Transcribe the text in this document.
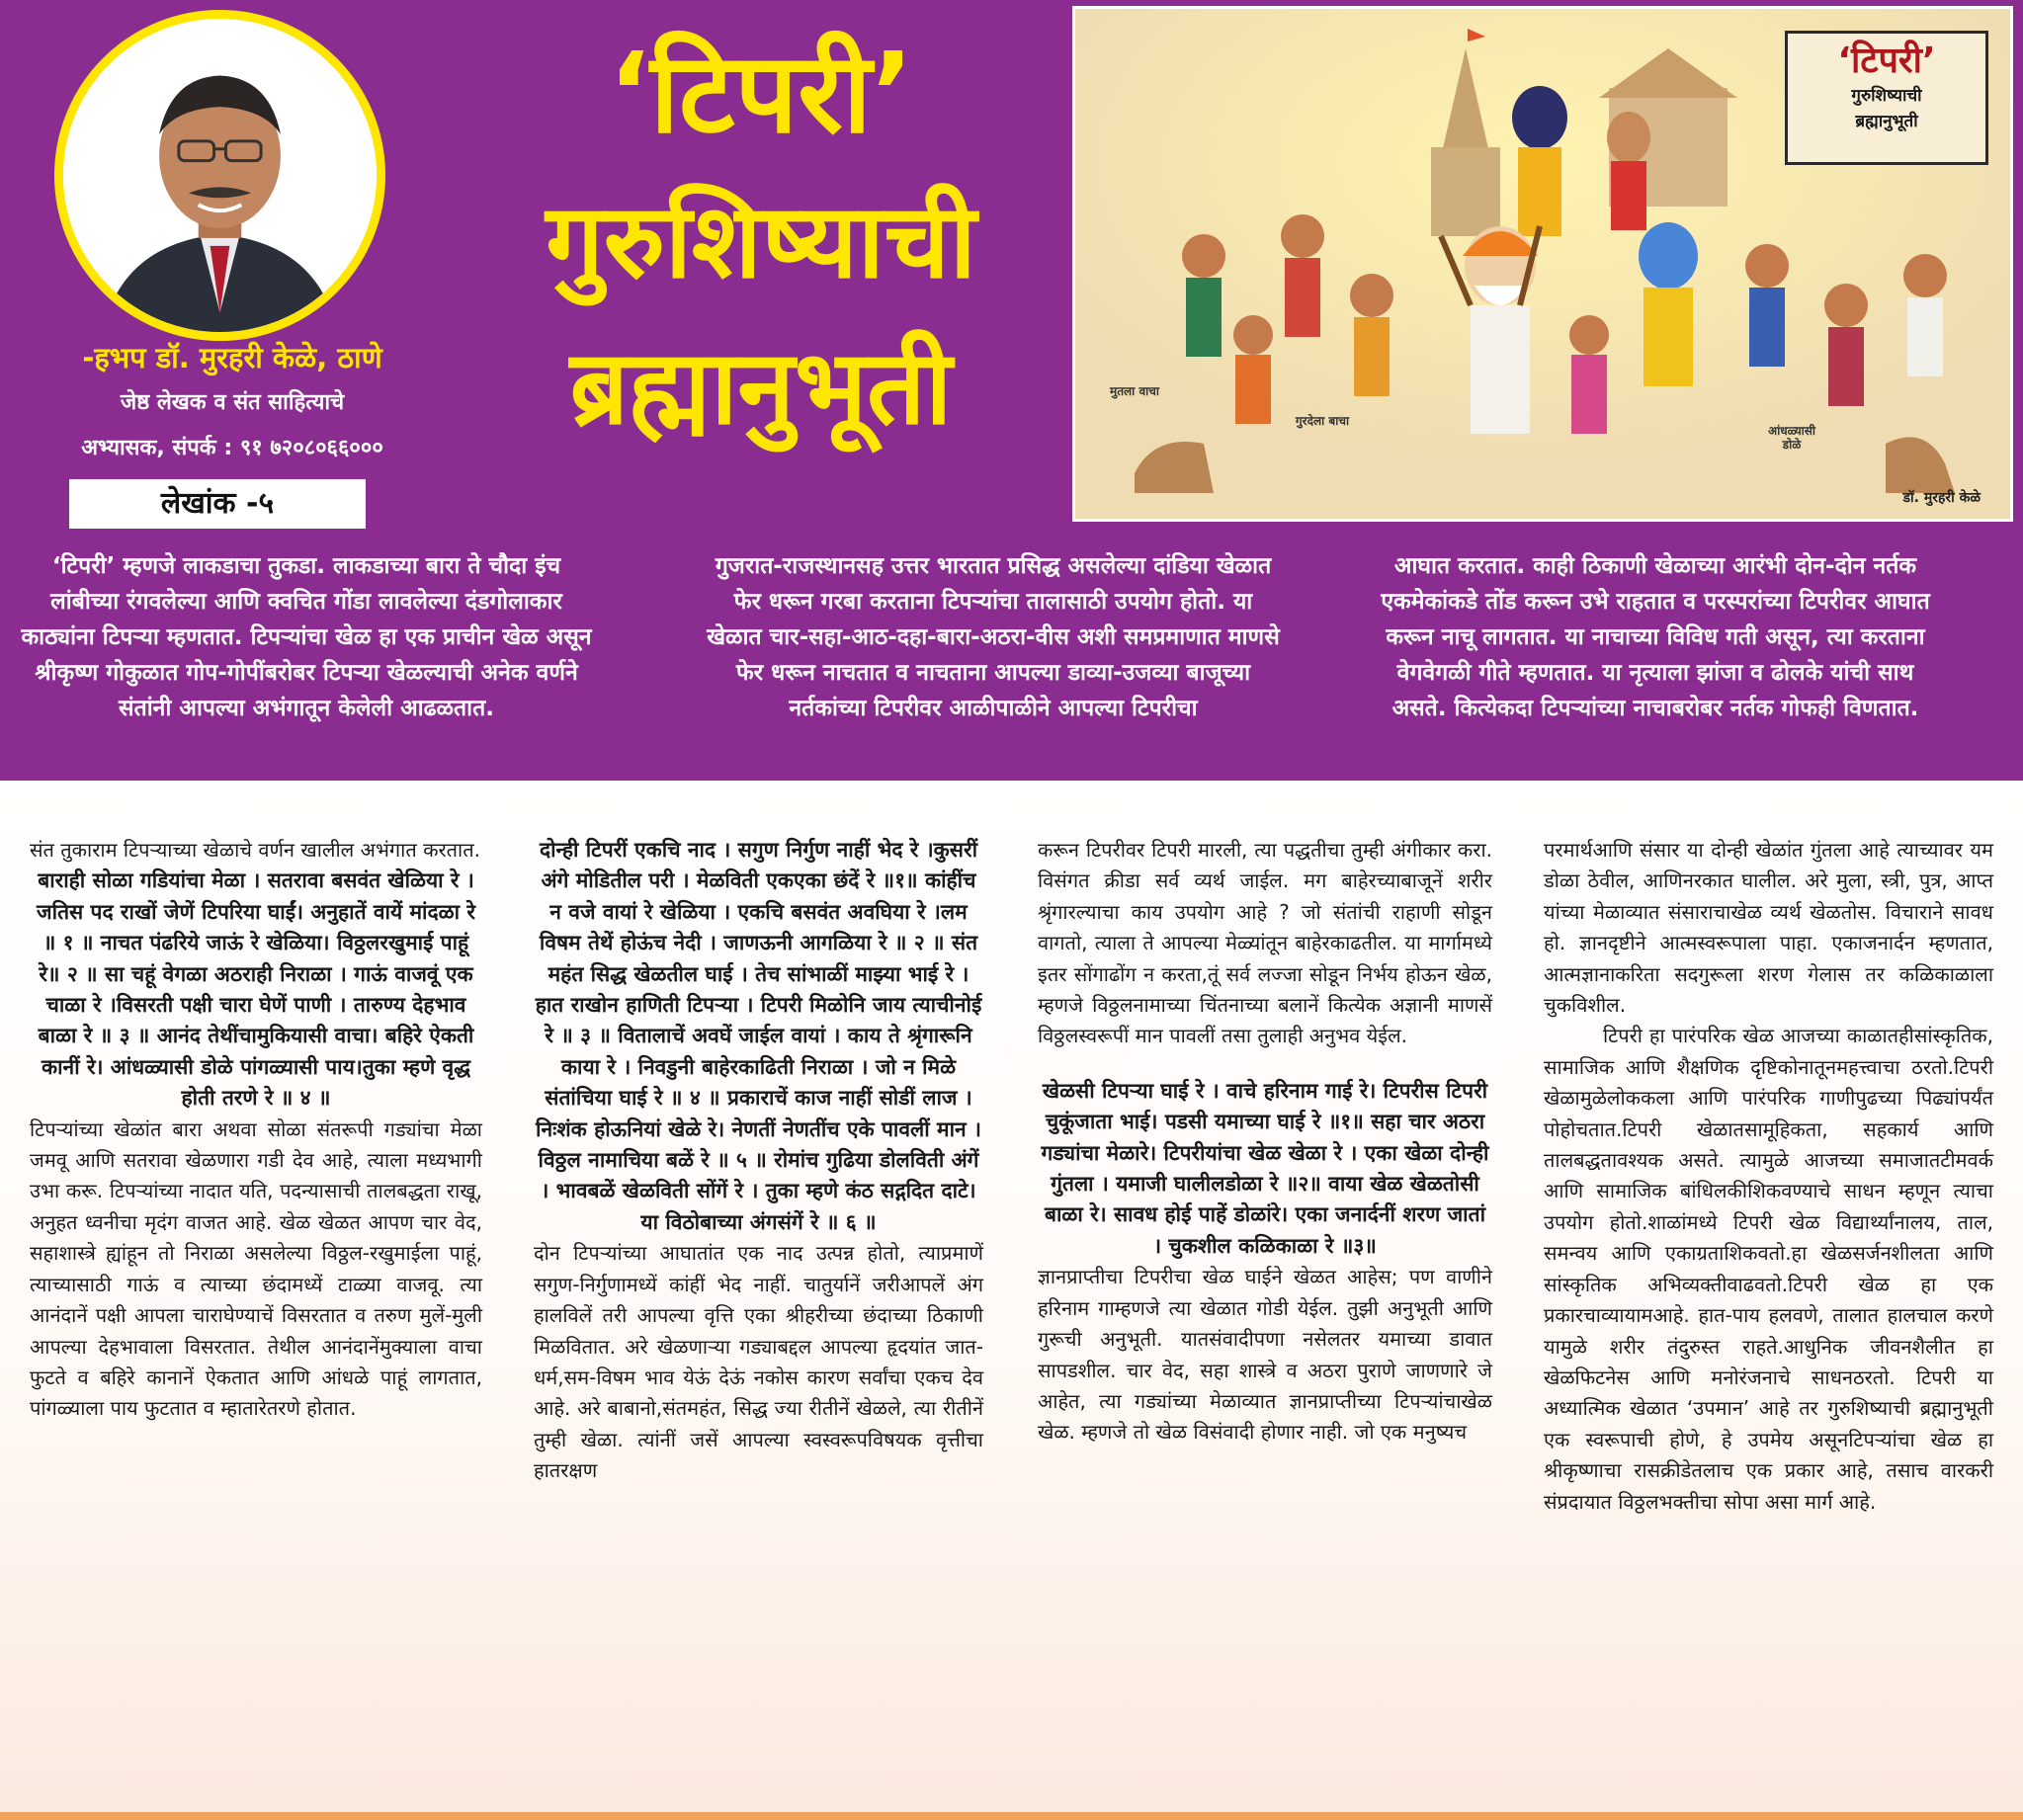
-हभप डॉ. मुरहरी केळे, ठाणे
जेष्ठ लेखक व संत साहित्याचे
अभ्यासक, संपर्क : ९१ ७२०८०६६०००
लेखांक -५
‘टिपरी’
गुरुशिष्याची
ब्रह्मानुभूती
‘टिपरी’
गुरुशिष्याची
ब्रह्मानुभूती
मुतला वाचा
गुरदेला बाचा
आंधळ्यासी डोळे
डॉ. मुरहरी केळे
‘टिपरी’ म्हणजे लाकडाचा तुकडा. लाकडाच्या बारा ते चौदा इंच लांबीच्या रंगवलेल्या आणि क्वचित गोंडा लावलेल्या दंडगोलाकार काठ्यांना टिपऱ्या म्हणतात. टिपऱ्यांचा खेळ हा एक प्राचीन खेळ असून श्रीकृष्ण गोकुळात गोप-गोपींबरोबर टिपऱ्या खेळल्याची अनेक वर्णने संतांनी आपल्या अभंगातून केलेली आढळतात.
गुजरात-राजस्थानसह उत्तर भारतात प्रसिद्ध असलेल्या दांडिया खेळात फेर धरून गरबा करताना टिपऱ्यांचा तालासाठी उपयोग होतो. या खेळात चार-सहा-आठ-दहा-बारा-अठरा-वीस अशी समप्रमाणात माणसे फेर धरून नाचतात व नाचताना आपल्या डाव्या-उजव्या बाजूच्या नर्तकांच्या टिपरीवर आळीपाळीने आपल्या टिपरीचा
आघात करतात. काही ठिकाणी खेळाच्या आरंभी दोन-दोन नर्तक एकमेकांकडे तोंड करून उभे राहतात व परस्परांच्या टिपरीवर आघात करून नाचू लागतात. या नाचाच्या विविध गती असून, त्या करताना वेगवेगळी गीते म्हणतात. या नृत्याला झांजा व ढोलके यांची साथ असते. कित्येकदा टिपऱ्यांच्या नाचाबरोबर नर्तक गोफही विणतात.

संत तुकाराम टिपऱ्याच्या खेळाचे वर्णन खालील अभंगात करतात.

बाराही सोळा गडियांचा मेळा । सतरावा बसवंत खेळिया रे । जतिस पद राखों जेणें टिपरिया घाईं। अनुहातें वायें मांदळा रे ॥ १ ॥ नाचत पंढरिये जाऊं रे खेळिया। विठ्ठलरखुमाई पाहूं रे॥ २ ॥ सा चहूं वेगळा अठराही निराळा । गाऊं वाजवूं एक चाळा रे ।विसरती पक्षी चारा घेणें पाणी । तारुण्य देहभाव बाळा रे ॥ ३ ॥ आनंद तेथींचामुकियासी वाचा। बहिरे ऐकती कानीं रे। आंधळ्यासी डोळे पांगळ्यासी पाय।तुका म्हणे वृद्ध होती तरणे रे ॥ ४ ॥

टिपऱ्यांच्या खेळांत बारा अथवा सोळा संतरूपी गड्यांचा मेळा जमवू आणि सतरावा खेळणारा गडी देव आहे, त्याला मध्यभागी उभा करू. टिपऱ्यांच्या नादात यति, पदन्यासाची तालबद्धता राखू, अनुहत ध्वनीचा मृदंग वाजत आहे. खेळ खेळत आपण चार वेद, सहाशास्त्रे ह्यांहून तो निराळा असलेल्या विठ्ठल-रखुमाईला पाहूं, त्याच्यासाठी गाऊं व त्याच्या छंदामध्यें टाळ्या वाजवू. त्या आनंदानें पक्षी आपला चाराघेण्याचें विसरतात व तरुण मुलें-मुली आपल्या देहभावाला विसरतात. तेथील आनंदानेंमुक्याला वाचा फुटते व बहिरे कानानें ऐकतात आणि आंधळे पाहूं लागतात, पांगळ्याला पाय फुटतात व म्हातारेतरणे होतात.

दोन्ही टिपरीं एकचि नाद । सगुण निर्गुण नाहीं भेद रे ।कुसरीं अंगे मोडितील परी । मेळविती एकएका छंदें रे ॥१॥ कांहींच न वजे वायां रे खेळिया । एकचि बसवंत अवघिया रे ।लम विषम तेथें होऊंच नेदी । जाणऊनी आगळिया रे ॥ २ ॥ संत महंत सिद्ध खेळतील घाई । तेच सांभाळीं माझ्या भाई रे । हात राखोन हाणिती टिपऱ्या । टिपरी मिळोनि जाय त्याचीनोई रे ॥ ३ ॥ वितालाचें अवघें जाईल वायां । काय ते श्रृंगारूनि काया रे । निवडुनी बाहेरकाढिती निराळा । जो न मिळे संतांचिया घाई रे ॥ ४ ॥ प्रकाराचें काज नाहीं सोडीं लाज ।निःशंक होऊनियां खेळे रे। नेणतीं नेणतींच एके पावलीं मान । विठ्ठल नामाचिया बळें रे ॥ ५ ॥ रोमांच गुढिया डोलविती अंगें । भावबळें खेळविती सोंगें रे । तुका म्हणे कंठ सद्गदित दाटे।या विठोबाच्या अंगसंगें रे ॥ ६ ॥

दोन टिपऱ्यांच्या आघातांत एक नाद उत्पन्न होतो, त्याप्रमाणें सगुण-निर्गुणामध्यें कांहीं भेद नाहीं. चातुर्यानें जरीआपलें अंग हालविलें तरी आपल्या वृत्ति एका श्रीहरीच्या छंदाच्या ठिकाणी मिळवितात. अरे खेळणाऱ्या गड्याबद्दल आपल्या हृदयांत जात-धर्म,सम-विषम भाव येऊं देऊं नकोस कारण सर्वांचा एकच देव आहे. अरे बाबानो,संतमहंत, सिद्ध ज्या रीतीनें खेळले, त्या रीतीनें तुम्ही खेळा. त्यांनीं जसें आपल्या स्वस्वरूपविषयक वृत्तीचा हातरक्षण

करून टिपरीवर टिपरी मारली, त्या पद्धतीचा तुम्ही अंगीकार करा. विसंगत क्रीडा सर्व व्यर्थ जाईल. मग बाहेरच्याबाजूनें शरीर श्रृंगारल्याचा काय उपयोग आहे ? जो संतांची राहाणी सोडून वागतो, त्याला ते आपल्या मेळ्यांतून बाहेरकाढतील. या मार्गामध्ये इतर सोंगाढोंग न करता,तूं सर्व लज्जा सोडून निर्भय होऊन खेळ, म्हणजे विठ्ठलनामाच्या चिंतनाच्या बलानें कित्येक अज्ञानी माणसें विठ्ठलस्वरूपीं मान पावलीं तसा तुलाही अनुभव येईल.

खेळसी टिपऱ्या घाई रे । वाचे हरिनाम गाई रे। टिपरीस टिपरी चुकूंजाता भाई। पडसी यमाच्या घाई रे ॥१॥ सहा चार अठरा गड्यांचा मेळारे। टिपरीयांचा खेळ खेळा रे । एका खेळा दोन्ही गुंतला । यमाजी घालीलडोळा रे ॥२॥ वाया खेळ खेळतोसी बाळा रे। सावध होई पाहें डोळांरे। एका जनार्दनीं शरण जातां । चुकशील कळिकाळा रे ॥३॥

ज्ञानप्राप्तीचा टिपरीचा खेळ घाईने खेळत आहेस; पण वाणीने हरिनाम गाम्हणजे त्या खेळात गोडी येईल. तुझी अनुभूती आणि गुरूची अनुभूती. यातसंवादीपणा नसेलतर यमाच्या डावात सापडशील. चार वेद, सहा शास्त्रे व अठरा पुराणे जाणणारे जे आहेत, त्या गड्यांच्या मेळाव्यात ज्ञानप्राप्तीच्या टिपऱ्यांचाखेळ खेळ. म्हणजे तो खेळ विसंवादी होणार नाही. जो एक मनुष्यच

परमार्थआणि संसार या दोन्ही खेळांत गुंतला आहे त्याच्यावर यम डोळा ठेवील, आणिनरकात घालील. अरे मुला, स्त्री, पुत्र, आप्त यांच्या मेळाव्यात संसाराचाखेळ व्यर्थ खेळतोस. विचाराने सावध हो. ज्ञानदृष्टीने आत्मस्वरूपाला पाहा. एकाजनार्दन म्हणतात, आत्मज्ञानाकरिता सदगुरूला शरण गेलास तर कळिकाळाला चुकविशील.

टिपरी हा पारंपरिक खेळ आजच्या काळातहीसांस्कृतिक, सामाजिक आणि शैक्षणिक दृष्टिकोनातूनमहत्त्वाचा ठरतो.टिपरी खेळामुळेलोककला आणि पारंपरिक गाणीपुढच्या पिढ्यांपर्यंत पोहोचतात.टिपरी खेळातसामूहिकता, सहकार्य आणि तालबद्धतावश्यक असते. त्यामुळे आजच्या समाजातटीमवर्क आणि सामाजिक बांधिलकीशिकवण्याचे साधन म्हणून त्याचा उपयोग होतो.शाळांमध्ये टिपरी खेळ विद्यार्थ्यांनालय, ताल, समन्वय आणि एकाग्रताशिकवतो.हा खेळसर्जनशीलता आणि सांस्कृतिक अभिव्यक्तीवाढवतो.टिपरी खेळ हा एक प्रकारचाव्यायामआहे. हात-पाय हलवणे, तालात हालचाल करणे यामुळे शरीर तंदुरुस्त राहते.आधुनिक जीवनशैलीत हा खेळफिटनेस आणि मनोरंजनाचे साधनठरतो. टिपरी या अध्यात्मिक खेळात ‘उपमान’ आहे तर गुरुशिष्याची ब्रह्मानुभूती एक स्वरूपाची होणे, हे उपमेय असूनटिपऱ्यांचा खेळ हा श्रीकृष्णाचा रासक्रीडेतलाच एक प्रकार आहे, तसाच वारकरी संप्रदायात विठ्ठलभक्तीचा सोपा असा मार्ग आहे.
